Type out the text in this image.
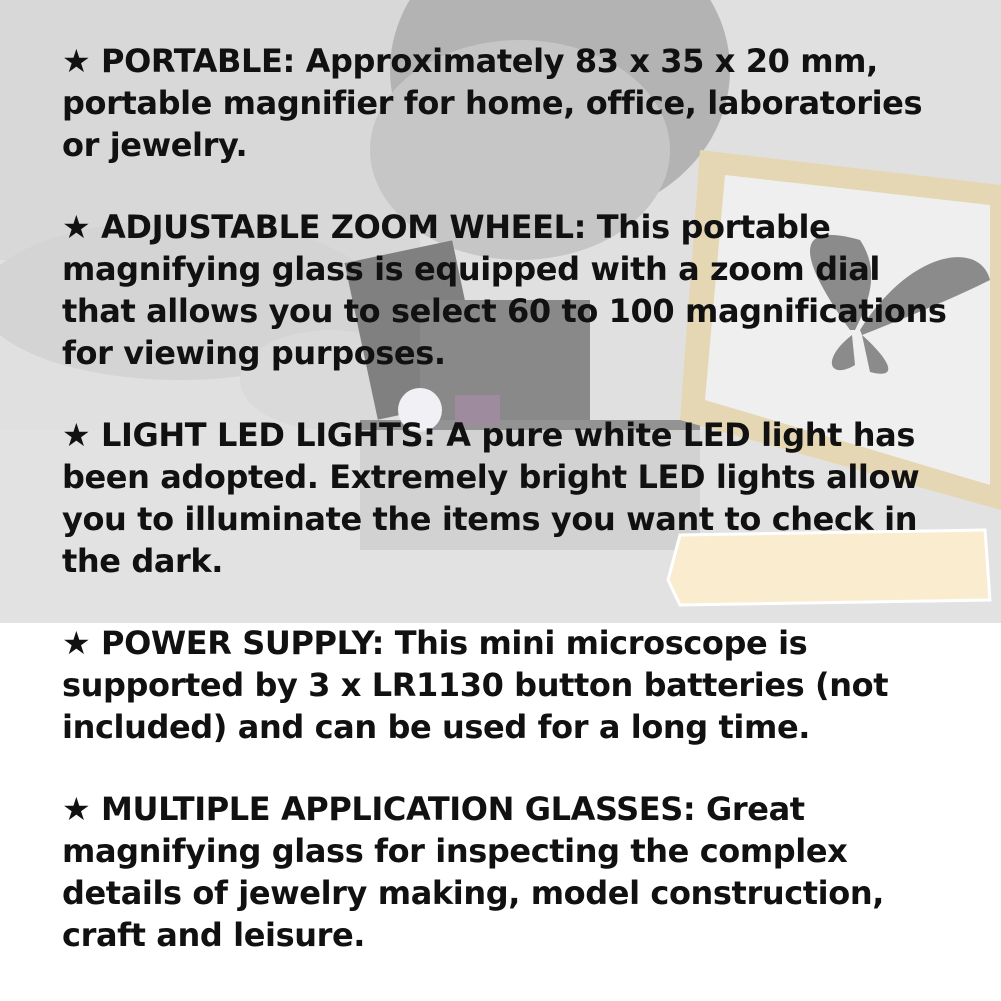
★ PORTABLE: Approximately 83 x 35 x 20 mm, portable magnifier for home, office, laboratories or jewelry.

★ ADJUSTABLE ZOOM WHEEL: This portable magnifying glass is equipped with a zoom dial that allows you to select 60 to 100 magnifications for viewing purposes.

★ LIGHT LED LIGHTS: A pure white LED light has been adopted. Extremely bright LED lights allow you to illuminate the items you want to check in the dark.

★ POWER SUPPLY: This mini microscope is supported by 3 x LR1130 button batteries (not included) and can be used for a long time.

★ MULTIPLE APPLICATION GLASSES: Great magnifying glass for inspecting the complex details of jewelry making, model construction, craft and leisure.
